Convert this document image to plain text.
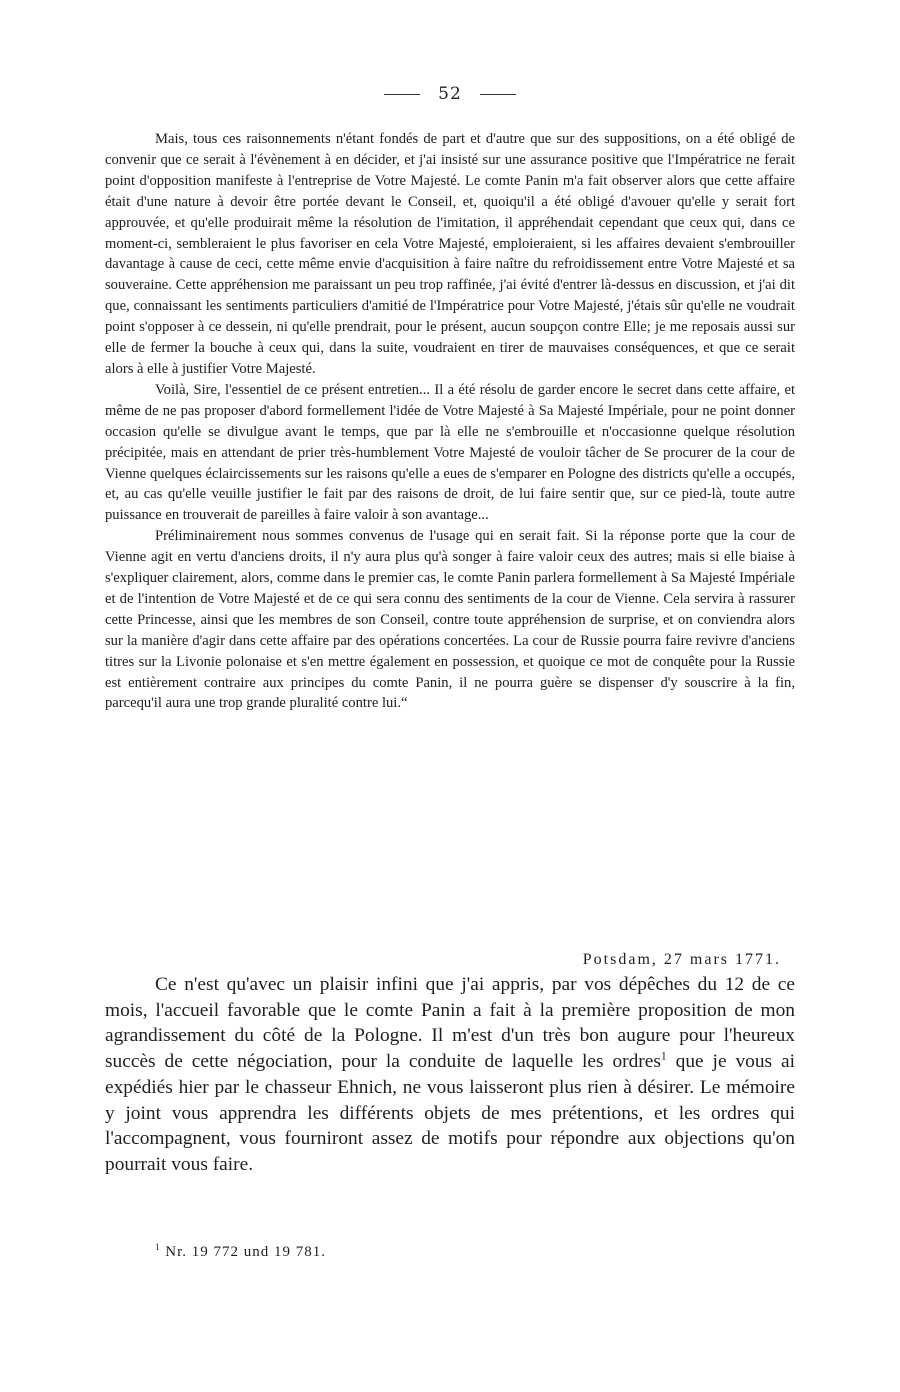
52

Mais, tous ces raisonnements n'étant fondés de part et d'autre que sur des suppositions, on a été obligé de convenir que ce serait à l'évènement à en décider, et j'ai insisté sur une assurance positive que l'Impératrice ne ferait point d'opposition manifeste à l'entreprise de Votre Majesté. Le comte Panin m'a fait observer alors que cette affaire était d'une nature à devoir être portée devant le Conseil, et, quoiqu'il a été obligé d'avouer qu'elle y serait fort approuvée, et qu'elle produirait même la résolution de l'imitation, il appréhendait cependant que ceux qui, dans ce moment-ci, sembleraient le plus favoriser en cela Votre Majesté, emploieraient, si les affaires devaient s'embrouiller davantage à cause de ceci, cette même envie d'acquisition à faire naître du refroidissement entre Votre Majesté et sa souveraine. Cette appréhension me paraissant un peu trop raffinée, j'ai évité d'entrer là-dessus en discussion, et j'ai dit que, connaissant les sentiments particuliers d'amitié de l'Impératrice pour Votre Majesté, j'étais sûr qu'elle ne voudrait point s'opposer à ce dessein, ni qu'elle prendrait, pour le présent, aucun soupçon contre Elle; je me reposais aussi sur elle de fermer la bouche à ceux qui, dans la suite, voudraient en tirer de mauvaises conséquences, et que ce serait alors à elle à justifier Votre Majesté.

Voilà, Sire, l'essentiel de ce présent entretien... Il a été résolu de garder encore le secret dans cette affaire, et même de ne pas proposer d'abord formellement l'idée de Votre Majesté à Sa Majesté Impériale, pour ne point donner occasion qu'elle se divulgue avant le temps, que par là elle ne s'embrouille et n'occasionne quelque résolution précipitée, mais en attendant de prier très-humblement Votre Majesté de vouloir tâcher de Se procurer de la cour de Vienne quelques éclaircissements sur les raisons qu'elle a eues de s'emparer en Pologne des districts qu'elle a occupés, et, au cas qu'elle veuille justifier le fait par des raisons de droit, de lui faire sentir que, sur ce pied-là, toute autre puissance en trouverait de pareilles à faire valoir à son avantage...

Préliminairement nous sommes convenus de l'usage qui en serait fait. Si la réponse porte que la cour de Vienne agit en vertu d'anciens droits, il n'y aura plus qu'à songer à faire valoir ceux des autres; mais si elle biaise à s'expliquer clairement, alors, comme dans le premier cas, le comte Panin parlera formellement à Sa Majesté Impériale et de l'intention de Votre Majesté et de ce qui sera connu des sentiments de la cour de Vienne. Cela servira à rassurer cette Princesse, ainsi que les membres de son Conseil, contre toute appréhension de surprise, et on conviendra alors sur la manière d'agir dans cette affaire par des opérations concertées. La cour de Russie pourra faire revivre d'anciens titres sur la Livonie polonaise et s'en mettre également en possession, et quoique ce mot de conquête pour la Russie est entièrement contraire aux principes du comte Panin, il ne pourra guère se dispenser d'y souscrire à la fin, parcequ'il aura une trop grande pluralité contre lui.“

Potsdam, 27 mars 1771.

Ce n'est qu'avec un plaisir infini que j'ai appris, par vos dépêches du 12 de ce mois, l'accueil favorable que le comte Panin a fait à la première proposition de mon agrandissement du côté de la Pologne. Il m'est d'un très bon augure pour l'heureux succès de cette négociation, pour la conduite de laquelle les ordres$^1$ que je vous ai expédiés hier par le chasseur Ehnich, ne vous laisseront plus rien à désirer. Le mémoire y joint vous apprendra les différents objets de mes prétentions, et les ordres qui l'accompagnent, vous fourniront assez de motifs pour répondre aux objections qu'on pourrait vous faire.

$^1$ Nr. 19 772 und 19 781.
